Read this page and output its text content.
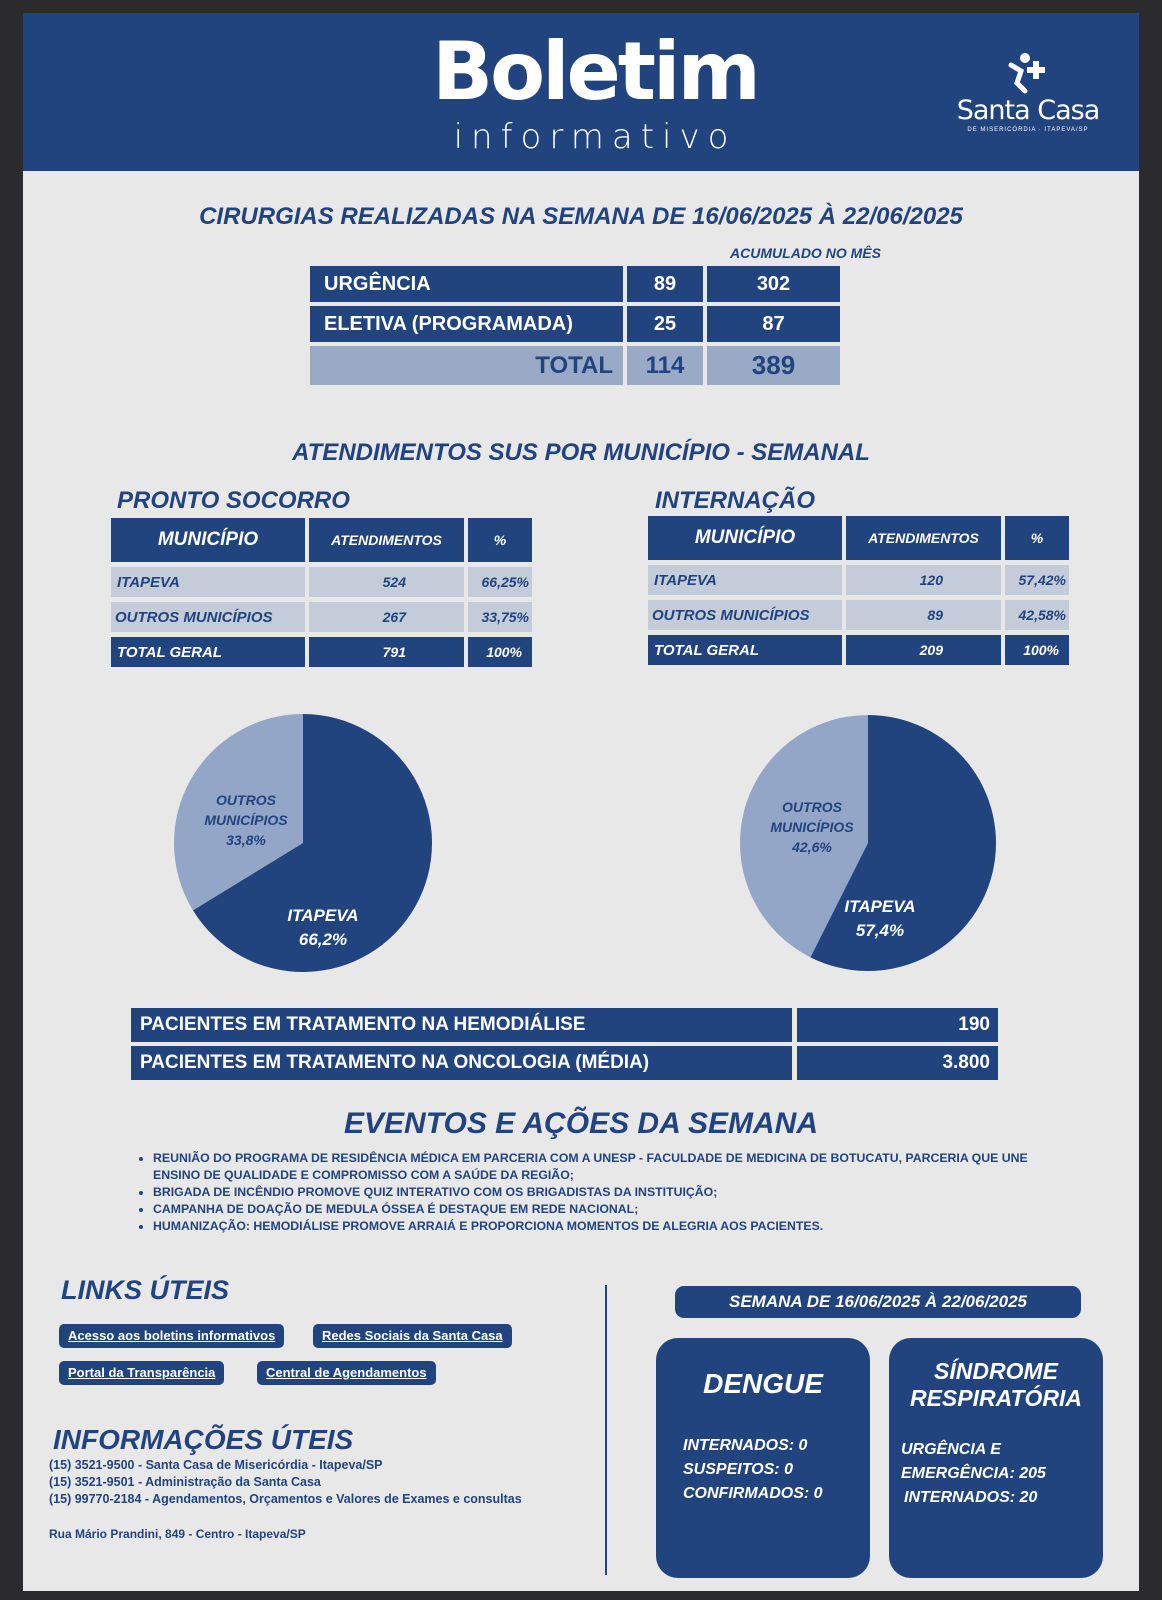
Boletim
informativo
Santa Casa
DE MISERICÓRDIA · ITAPEVA/SP
CIRURGIAS REALIZADAS NA SEMANA DE 16/06/2025 À 22/06/2025
ACUMULADO NO MÊS
URGÊNCIA	89	302
ELETIVA (PROGRAMADA)	25	87
TOTAL	114	389
ATENDIMENTOS SUS POR MUNICÍPIO - SEMANAL
PRONTO SOCORRO
MUNICÍPIO	ATENDIMENTOS	%
ITAPEVA	524	66,25%
OUTROS MUNICÍPIOS	267	33,75%
TOTAL GERAL	791	100%
INTERNAÇÃO
MUNICÍPIO	ATENDIMENTOS	%
ITAPEVA	120	57,42%
OUTROS MUNICÍPIOS	89	42,58%
TOTAL GERAL	209	100%
OUTROS
MUNICÍPIOS
33,8%
ITAPEVA
66,2%
OUTROS
MUNICÍPIOS
42,6%
ITAPEVA
57,4%
PACIENTES EM TRATAMENTO NA HEMODIÁLISE	190
PACIENTES EM TRATAMENTO NA ONCOLOGIA (MÉDIA)	3.800
EVENTOS E AÇÕES DA SEMANA
• REUNIÃO DO PROGRAMA DE RESIDÊNCIA MÉDICA EM PARCERIA COM A UNESP - FACULDADE DE MEDICINA DE BOTUCATU, PARCERIA QUE UNE ENSINO DE QUALIDADE E COMPROMISSO COM A SAÚDE DA REGIÃO;
• BRIGADA DE INCÊNDIO PROMOVE QUIZ INTERATIVO COM OS BRIGADISTAS DA INSTITUIÇÃO;
• CAMPANHA DE DOAÇÃO DE MEDULA ÓSSEA É DESTAQUE EM REDE NACIONAL;
• HUMANIZAÇÃO: HEMODIÁLISE PROMOVE ARRAIÁ E PROPORCIONA MOMENTOS DE ALEGRIA AOS PACIENTES.
LINKS ÚTEIS
Acesso aos boletins informativos	Redes Sociais da Santa Casa
Portal da Transparência	Central de Agendamentos
INFORMAÇÕES ÚTEIS
(15) 3521-9500 - Santa Casa de Misericórdia - Itapeva/SP
(15) 3521-9501 - Administração da Santa Casa
(15) 99770-2184 - Agendamentos, Orçamentos e Valores de Exames e consultas
Rua Mário Prandini, 849 - Centro - Itapeva/SP
SEMANA DE 16/06/2025 À 22/06/2025
DENGUE
INTERNADOS: 0
SUSPEITOS: 0
CONFIRMADOS: 0
SÍNDROME
RESPIRATÓRIA
URGÊNCIA E
EMERGÊNCIA: 205
INTERNADOS: 20
